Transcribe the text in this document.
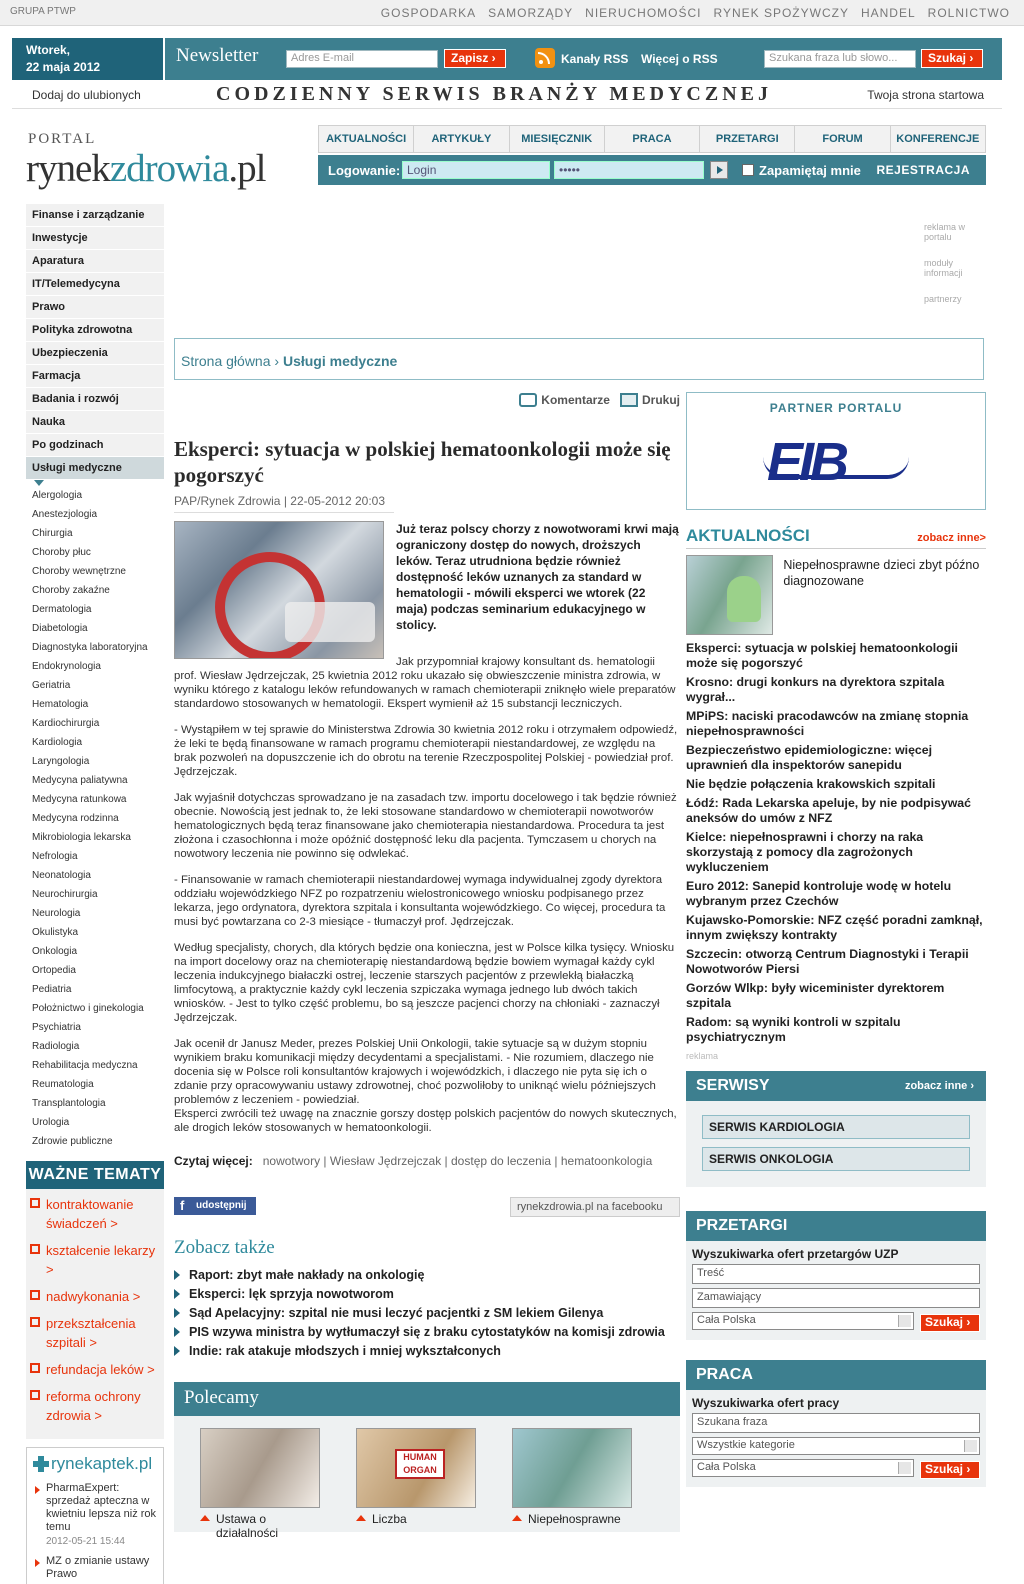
GRUPA PTWP	GOSPODARKA SAMORZĄDY NIERUCHOMOŚCI RYNEK SPOŻYWCZY HANDEL ROLNICTWO
Wtorek,
22 maja 2012
Newsletter	Adres E-mail	Zapisz ›	Kanały RSS Więcej o RSS	Szukana fraza lub słowo...	Szukaj ›
Dodaj do ulubionych	CODZIENNY SERWIS BRANŻY MEDYCZNEJ	Twoja strona startowa
PORTAL
rynekzdrowia.pl
AKTUALNOŚCI	ARTYKUŁY	MIESIĘCZNIK	PRACA	PRZETARGI	FORUM	KONFERENCJE
Logowanie: Login	•••••	Zapamiętaj mnie REJESTRACJA
Finanse i zarządzanie
Inwestycje
Aparatura
IT/Telemedycyna
Prawo
Polityka zdrowotna
Ubezpieczenia
Farmacja
Badania i rozwój
Nauka
Po godzinach
Usługi medyczne
Alergologia
Anestezjologia
Chirurgia
Choroby płuc
Choroby wewnętrzne
Choroby zakaźne
Dermatologia
Diabetologia
Diagnostyka laboratoryjna
Endokrynologia
Geriatria
Hematologia
Kardiochirurgia
Kardiologia
Laryngologia
Medycyna paliatywna
Medycyna ratunkowa
Medycyna rodzinna
Mikrobiologia lekarska
Nefrologia
Neonatologia
Neurochirurgia
Neurologia
Okulistyka
Onkologia
Ortopedia
Pediatria
Położnictwo i ginekologia
Psychiatria
Radiologia
Rehabilitacja medyczna
Reumatologia
Transplantologia
Urologia
Zdrowie publiczne
WAŻNE TEMATY
kontraktowanie świadczeń >
kształcenie lekarzy >
nadwykonania >
przekształcenia szpitali >
refundacja leków >
reforma ochrony zdrowia >
rynekaptek.pl
PharmaExpert: sprzedaż apteczna w kwietniu lepsza niż rok temu
2012-05-21 15:44
MZ o zmianie ustawy Prawo
reklama w portalu
moduły informacji
partnerzy
Strona główna › Usługi medyczne
Komentarze	Drukuj
Eksperci: sytuacja w polskiej hematoonkologii może się pogorszyć
PAP/Rynek Zdrowia | 22-05-2012 20:03
Już teraz polscy chorzy z nowotworami krwi mają ograniczony dostęp do nowych, droższych leków. Teraz utrudniona będzie również dostępność leków uznanych za standard w hematologii - mówili eksperci we wtorek (22 maja) podczas seminarium edukacyjnego w stolicy.

Jak przypomniał krajowy konsultant ds. hematologii prof. Wiesław Jędrzejczak, 25 kwietnia 2012 roku ukazało się obwieszczenie ministra zdrowia, w wyniku którego z katalogu leków refundowanych w ramach chemioterapii zniknęło wiele preparatów standardowo stosowanych w hematologii. Ekspert wymienił aż 15 substancji leczniczych.

- Wystąpiłem w tej sprawie do Ministerstwa Zdrowia 30 kwietnia 2012 roku i otrzymałem odpowiedź, że leki te będą finansowane w ramach programu chemioterapii niestandardowej, ze względu na brak pozwoleń na dopuszczenie ich do obrotu na terenie Rzeczpospolitej Polskiej - powiedział prof. Jędrzejczak.

Jak wyjaśnił dotychczas sprowadzano je na zasadach tzw. importu docelowego i tak będzie również obecnie. Nowością jest jednak to, że leki stosowane standardowo w chemioterapii nowotworów hematologicznych będą teraz finansowane jako chemioterapia niestandardowa. Procedura ta jest złożona i czasochłonna i może opóźnić dostępność leku dla pacjenta. Tymczasem u chorych na nowotwory leczenia nie powinno się odwlekać.

- Finansowanie w ramach chemioterapii niestandardowej wymaga indywidualnej zgody dyrektora oddziału wojewódzkiego NFZ po rozpatrzeniu wielostronicowego wniosku podpisanego przez lekarza, jego ordynatora, dyrektora szpitala i konsultanta wojewódzkiego. Co więcej, procedura ta musi być powtarzana co 2-3 miesiące - tłumaczył prof. Jędrzejczak.

Według specjalisty, chorych, dla których będzie ona konieczna, jest w Polsce kilka tysięcy. Wniosku na import docelowy oraz na chemioterapię niestandardową będzie bowiem wymagał każdy cykl leczenia indukcyjnego białaczki ostrej, leczenie starszych pacjentów z przewlekłą białaczką limfocytową, a praktycznie każdy cykl leczenia szpiczaka wymaga jednego lub dwóch takich wniosków. - Jest to tylko część problemu, bo są jeszcze pacjenci chorzy na chłoniaki - zaznaczył Jędrzejczak.

Jak ocenił dr Janusz Meder, prezes Polskiej Unii Onkologii, takie sytuacje są w dużym stopniu wynikiem braku komunikacji między decydentami a specjalistami. - Nie rozumiem, dlaczego nie docenia się w Polsce roli konsultantów krajowych i wojewódzkich, i dlaczego nie pyta się ich o zdanie przy opracowywaniu ustawy zdrowotnej, choć pozwoliłoby to uniknąć wielu późniejszych problemów z leczeniem - powiedział.
Eksperci zwrócili też uwagę na znacznie gorszy dostęp polskich pacjentów do nowych skutecznych, ale drogich leków stosowanych w hematoonkologii.

Czytaj więcej: nowotwory | Wiesław Jędrzejczak | dostęp do leczenia | hematoonkologia
f udostępnij	rynekzdrowia.pl na facebooku
Zobacz także
Raport: zbyt małe nakłady na onkologię
Eksperci: lęk sprzyja nowotworom
Sąd Apelacyjny: szpital nie musi leczyć pacjentki z SM lekiem Gilenya
PIS wzywa ministra by wytłumaczył się z braku cytostatyków na komisji zdrowia
Indie: rak atakuje młodszych i mniej wykształconych
Polecamy
Ustawa o działalności
HUMAN ORGAN
Liczba	Niepełnosprawne
PARTNER PORTALU
EIB
AKTUALNOŚCI	zobacz inne>
Niepełnosprawne dzieci zbyt późno diagnozowane
Eksperci: sytuacja w polskiej hematoonkologii może się pogorszyć
Krosno: drugi konkurs na dyrektora szpitala wygrał...
MPiPS: naciski pracodawców na zmianę stopnia niepełnosprawności
Bezpieczeństwo epidemiologiczne: więcej uprawnień dla inspektorów sanepidu
Nie będzie połączenia krakowskich szpitali
Łódź: Rada Lekarska apeluje, by nie podpisywać aneksów do umów z NFZ
Kielce: niepełnosprawni i chorzy na raka skorzystają z pomocy dla zagrożonych wykluczeniem
Euro 2012: Sanepid kontroluje wodę w hotelu wybranym przez Czechów
Kujawsko-Pomorskie: NFZ część poradni zamknął, innym zwiększy kontrakty
Szczecin: otworzą Centrum Diagnostyki i Terapii Nowotworów Piersi
Gorzów Wlkp: były wiceminister dyrektorem szpitala
Radom: są wyniki kontroli w szpitalu psychiatrycznym
reklama
SERWISY	zobacz inne ›
SERWIS KARDIOLOGIA
SERWIS ONKOLOGIA
PRZETARGI
Wyszukiwarka ofert przetargów UZP
Treść
Zamawiający
Cała Polska	Szukaj ›
PRACA
Wyszukiwarka ofert pracy
Szukana fraza
Wszystkie kategorie
Cała Polska	Szukaj ›
